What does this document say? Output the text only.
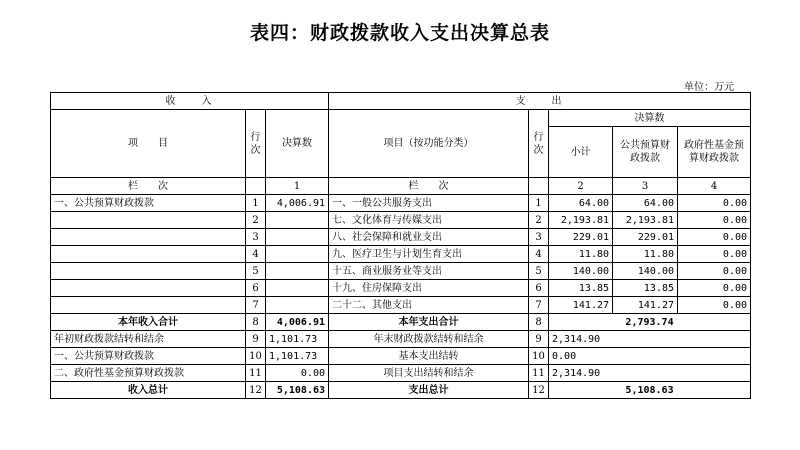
表四：财政拨款收入支出决算总表
单位：万元
收　　入			支　　出				
项　　目	行次	决算数	项目（按功能分类）	行次	决算数		
					小计	公共预算财政拨款	政府性基金预算财政拨款
栏　　次		1	栏　　次		2	3	4
一、公共预算财政拨款	1	4,006.91	一、一般公共服务支出	1	64.00	64.00	0.00
	2		七、文化体育与传媒支出	2	2,193.81	2,193.81	0.00
	3		八、社会保障和就业支出	3	229.01	229.01	0.00
	4		九、医疗卫生与计划生育支出	4	11.80	11.80	0.00
	5		十五、商业服务业等支出	5	140.00	140.00	0.00
	6		十九、住房保障支出	6	13.85	13.85	0.00
	7		二十二、其他支出	7	141.27	141.27	0.00
本年收入合计	8	4,006.91	本年支出合计	8	2,793.74		
年初财政拨款结转和结余	9	1,101.73	年末财政拨款结转和结余	9	2,314.90		
一、公共预算财政拨款	10	1,101.73	基本支出结转	10	0.00		
二、政府性基金预算财政拨款	11	0.00	项目支出结转和结余	11	2,314.90		
收入总计	12	5,108.63	支出总计	12	5,108.63		
